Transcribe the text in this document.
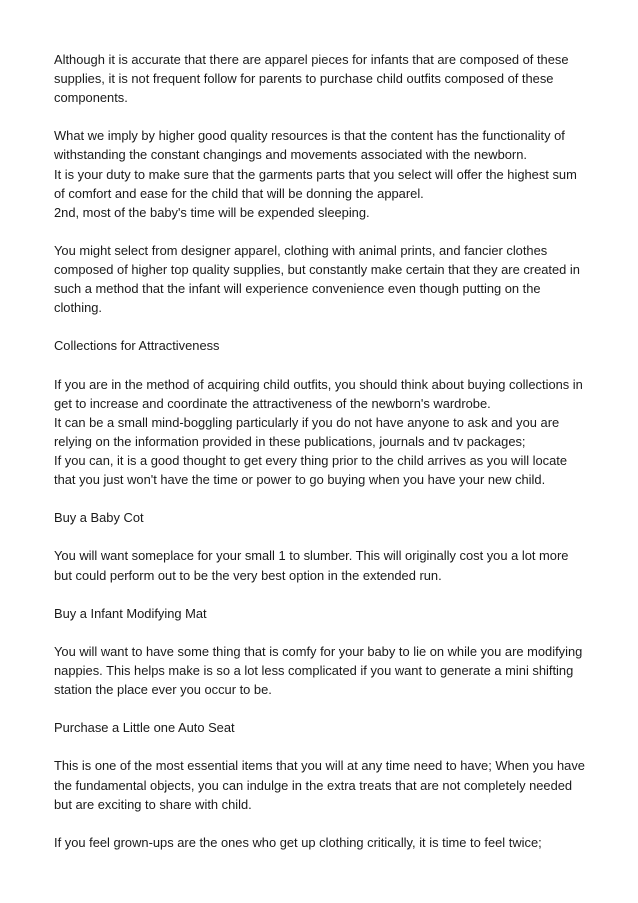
Although it is accurate that there are apparel pieces for infants that are composed of these
supplies, it is not frequent follow for parents to purchase child outfits composed of these
components.

What we imply by higher good quality resources is that the content has the functionality of
withstanding the constant changings and movements associated with the newborn.
It is your duty to make sure that the garments parts that you select will offer the highest sum
of comfort and ease for the child that will be donning the apparel.
2nd, most of the baby's time will be expended sleeping.

You might select from designer apparel, clothing with animal prints, and fancier clothes
composed of higher top quality supplies, but constantly make certain that they are created in
such a method that the infant will experience convenience even though putting on the
clothing.

Collections for Attractiveness

If you are in the method of acquiring child outfits, you should think about buying collections in
get to increase and coordinate the attractiveness of the newborn's wardrobe.
It can be a small mind-boggling particularly if you do not have anyone to ask and you are
relying on the information provided in these publications, journals and tv packages;
If you can, it is a good thought to get every thing prior to the child arrives as you will locate
that you just won't have the time or power to go buying when you have your new child.

Buy a Baby Cot

You will want someplace for your small 1 to slumber. This will originally cost you a lot more
but could perform out to be the very best option in the extended run.

Buy a Infant Modifying Mat

You will want to have some thing that is comfy for your baby to lie on while you are modifying
nappies. This helps make is so a lot less complicated if you want to generate a mini shifting
station the place ever you occur to be.

Purchase a Little one Auto Seat

This is one of the most essential items that you will at any time need to have; When you have
the fundamental objects, you can indulge in the extra treats that are not completely needed
but are exciting to share with child.

If you feel grown-ups are the ones who get up clothing critically, it is time to feel twice;
